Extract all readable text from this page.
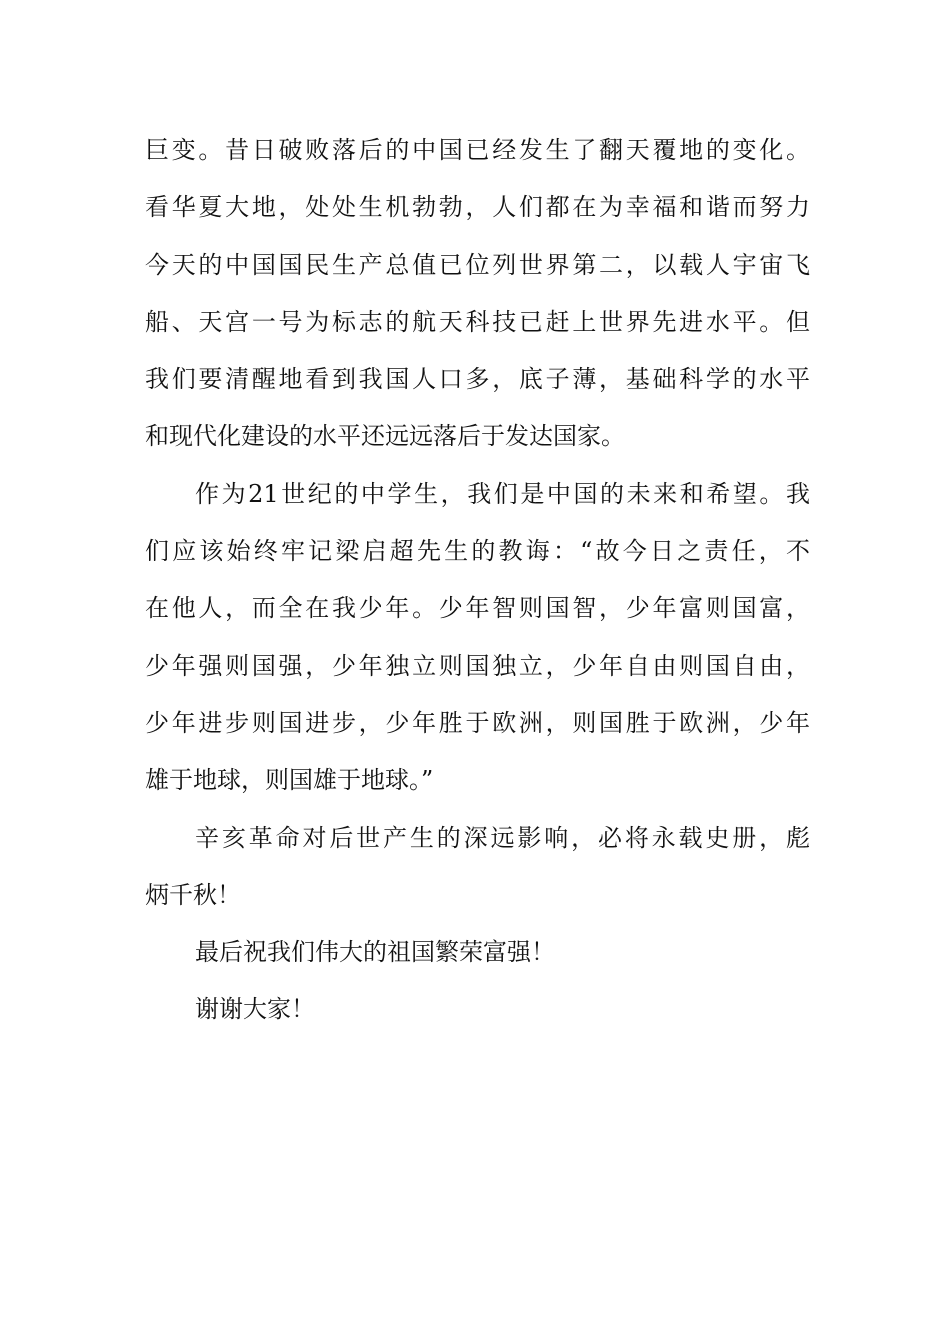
巨变。昔日破败落后的中国已经发生了翻天覆地的变化。
看华夏大地，处处生机勃勃，人们都在为幸福和谐而努力
今天的中国国民生产总值已位列世界第二，以载人宇宙飞
船、天宫一号为标志的航天科技已赶上世界先进水平。但
我们要清醒地看到我国人口多，底子薄，基础科学的水平
和现代化建设的水平还远远落后于发达国家。
作为21世纪的中学生，我们是中国的未来和希望。我
们应该始终牢记梁启超先生的教诲：“故今日之责任，不
在他人，而全在我少年。少年智则国智，少年富则国富，
少年强则国强，少年独立则国独立，少年自由则国自由，
少年进步则国进步，少年胜于欧洲，则国胜于欧洲，少年
雄于地球，则国雄于地球。”
辛亥革命对后世产生的深远影响，必将永载史册，彪
炳千秋！
最后祝我们伟大的祖国繁荣富强！
谢谢大家！
